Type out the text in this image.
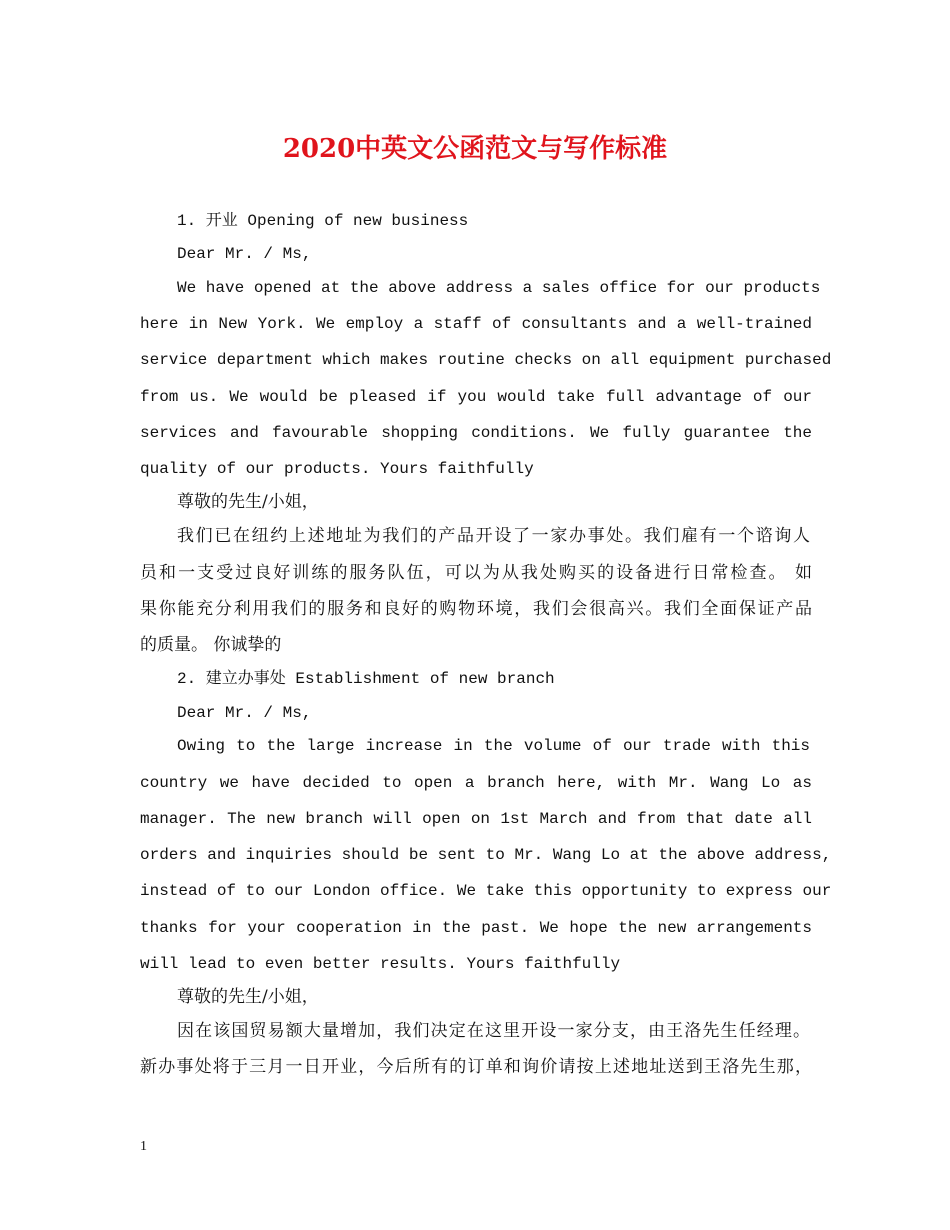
2020中英文公函范文与写作标准

1. 开业 Opening of new business

Dear Mr. / Ms,

We have opened at the above address a sales office for our products

here in New York. We employ a staff of consultants and a well-trained

service department which makes routine checks on all equipment purchased

from us. We would be pleased if you would take full advantage of our

services and favourable shopping conditions. We fully guarantee the

quality of our products. Yours faithfully

尊敬的先生/小姐，

我们已在纽约上述地址为我们的产品开设了一家办事处。我们雇有一个谘询人

员和一支受过良好训练的服务队伍，可以为从我处购买的设备进行日常检查。 如

果你能充分利用我们的服务和良好的购物环境，我们会很高兴。我们全面保证产品

的质量。 你诚挚的

2. 建立办事处 Establishment of new branch

Dear Mr. / Ms,

Owing to the large increase in the volume of our trade with this

country we have decided to open a branch here, with Mr. Wang Lo as

manager. The new branch will open on 1st March and from that date all

orders and inquiries should be sent to Mr. Wang Lo at the above address,

instead of to our London office. We take this opportunity to express our

thanks for your cooperation in the past. We hope the new arrangements

will lead to even better results. Yours faithfully

尊敬的先生/小姐，

因在该国贸易额大量增加，我们决定在这里开设一家分支，由王洛先生任经理。

新办事处将于三月一日开业，今后所有的订单和询价请按上述地址送到王洛先生那，

1
